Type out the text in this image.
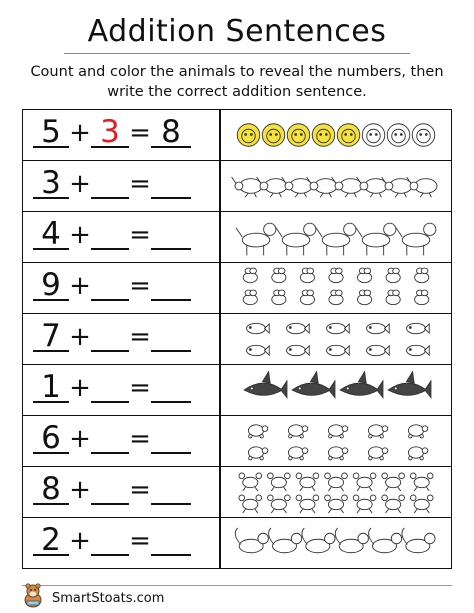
Addition Sentences
Count and color the animals to reveal the numbers, then
write the correct addition sentence.
5 + 3 = 8
3 + =
4 + =
9 + =
7 + =
1 + =
6 + =
8 + =
2 + =
SmartStoats.com
